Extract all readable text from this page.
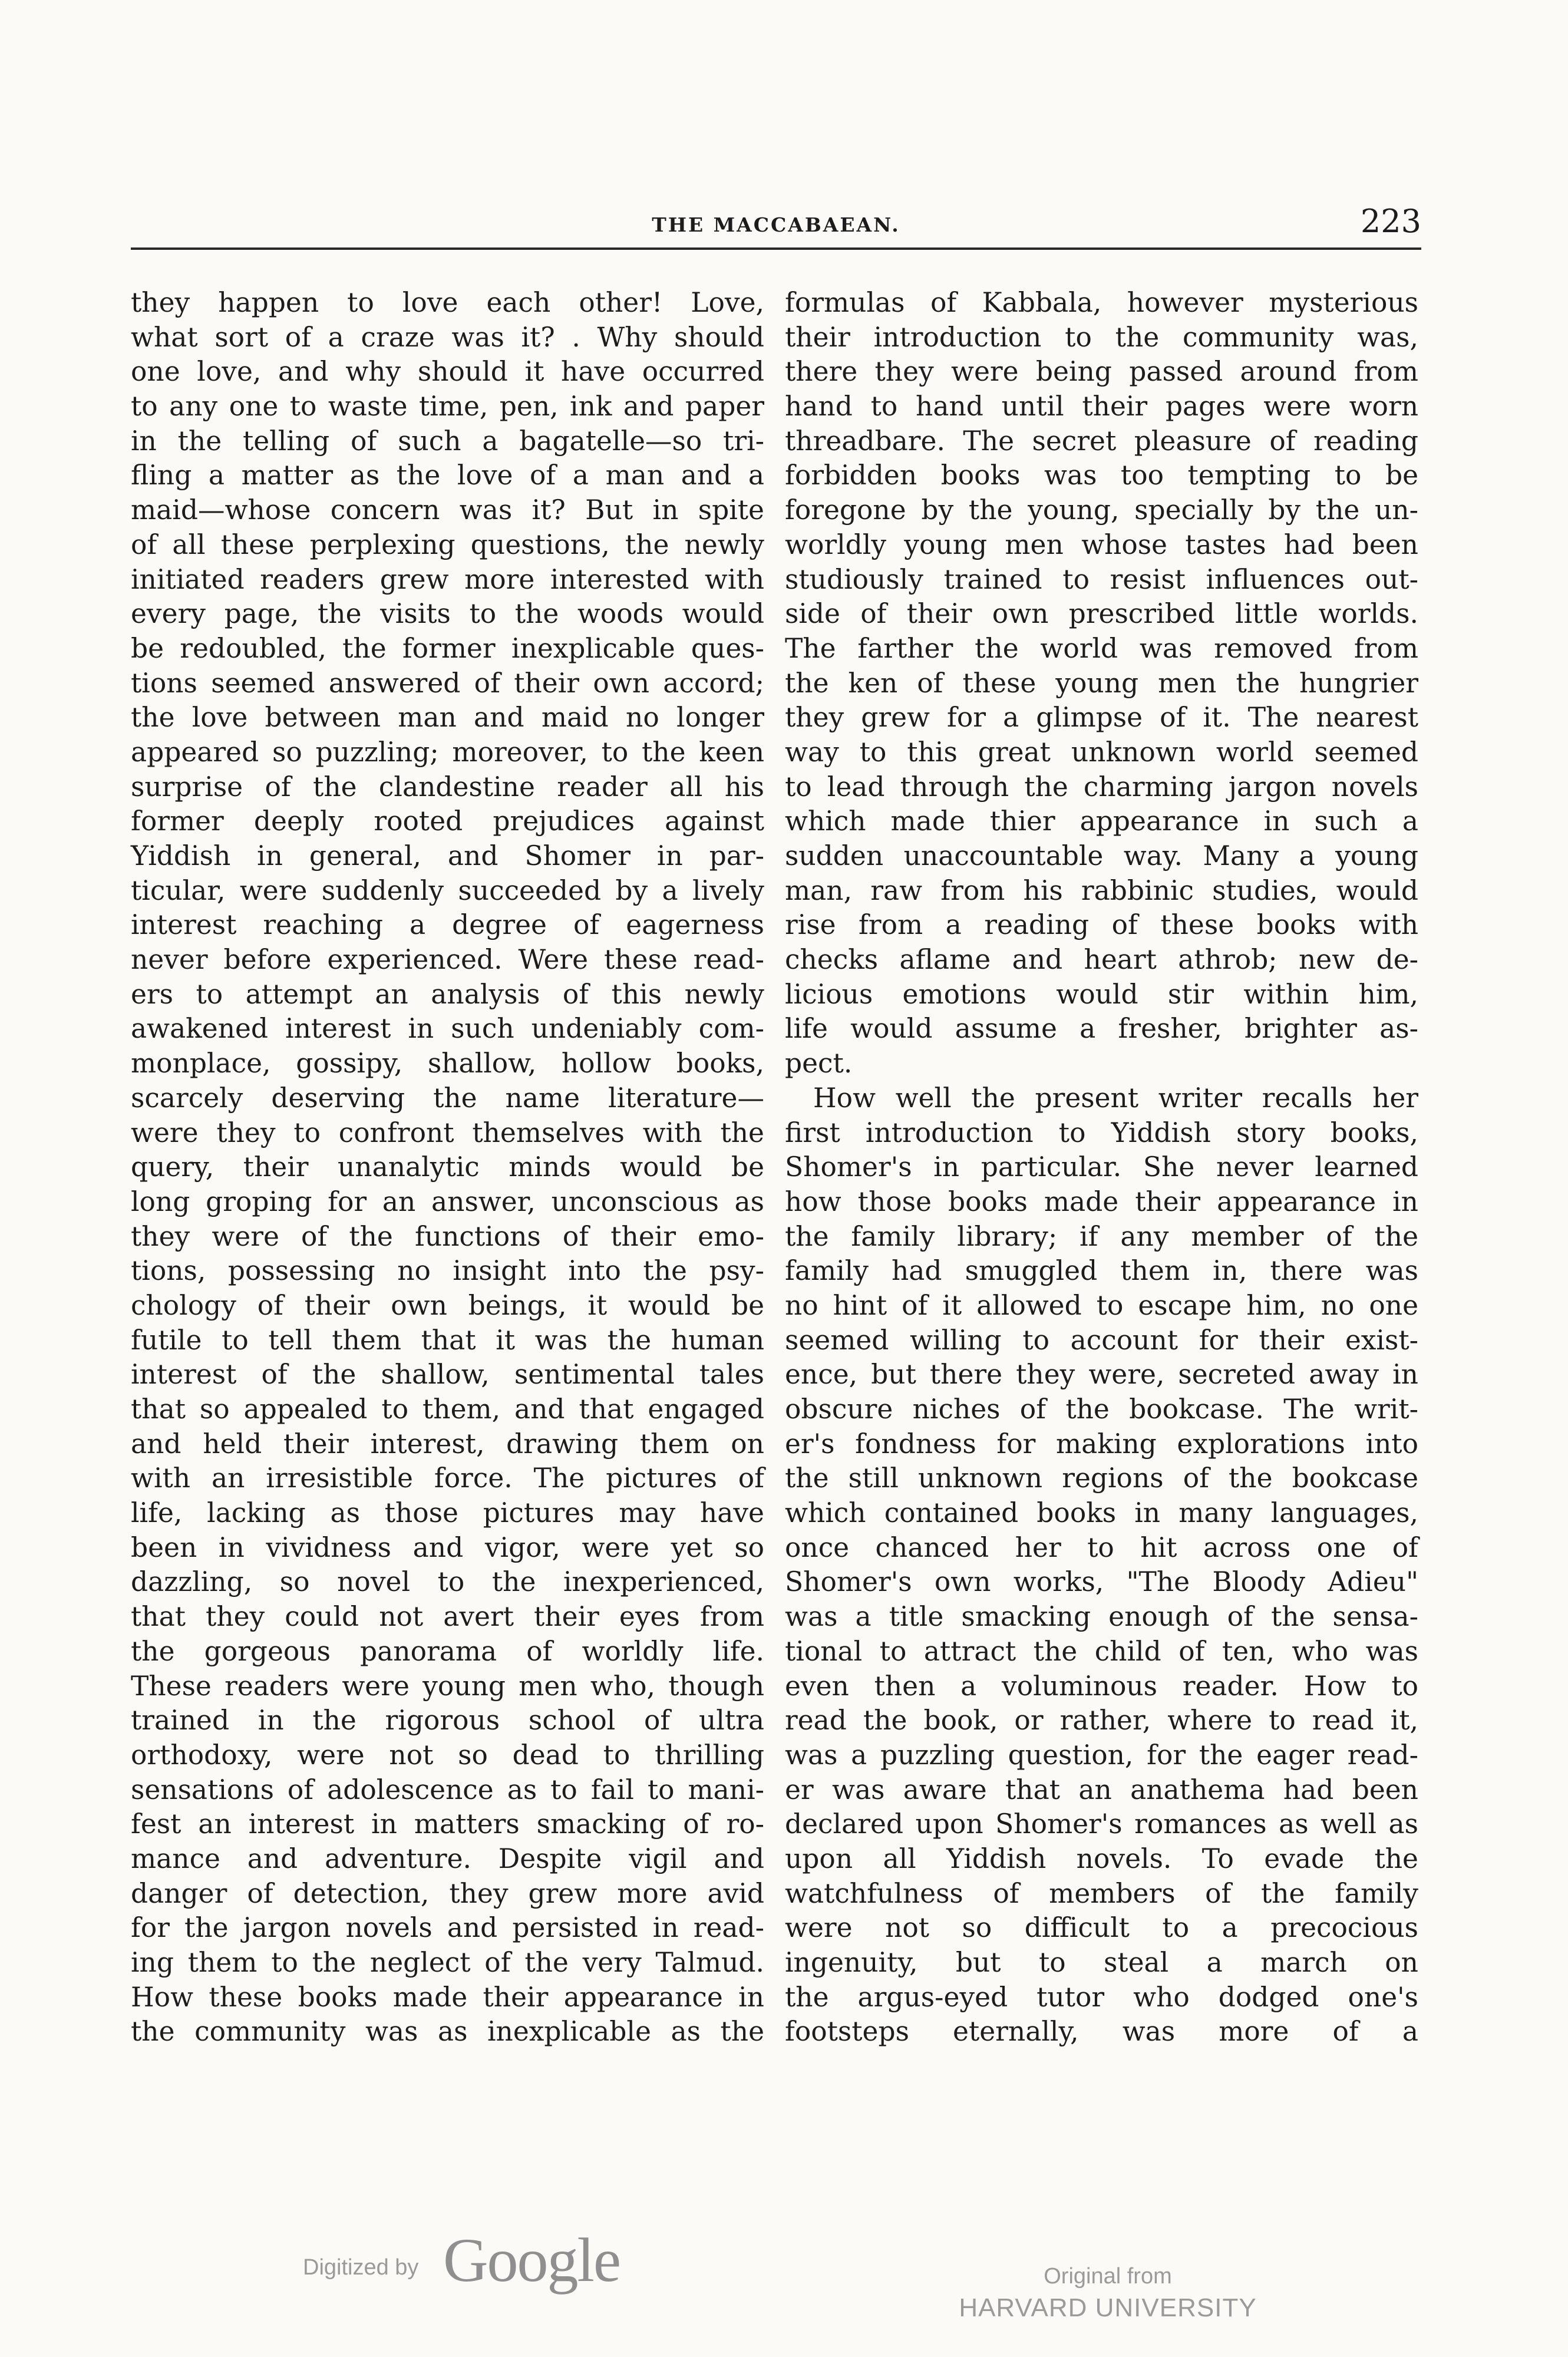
THE MACCABAEAN.	223
they happen to love each other! Love,
what sort of a craze was it? . Why should
one love, and why should it have occurred
to any one to waste time, pen, ink and paper
in the telling of such a bagatelle—so tri-
fling a matter as the love of a man and a
maid—whose concern was it? But in spite
of all these perplexing questions, the newly
initiated readers grew more interested with
every page, the visits to the woods would
be redoubled, the former inexplicable ques-
tions seemed answered of their own accord;
the love between man and maid no longer
appeared so puzzling; moreover, to the keen
surprise of the clandestine reader all his
former deeply rooted prejudices against
Yiddish in general, and Shomer in par-
ticular, were suddenly succeeded by a lively
interest reaching a degree of eagerness
never before experienced. Were these read-
ers to attempt an analysis of this newly
awakened interest in such undeniably com-
monplace, gossipy, shallow, hollow books,
scarcely deserving the name literature—
were they to confront themselves with the
query, their unanalytic minds would be
long groping for an answer, unconscious as
they were of the functions of their emo-
tions, possessing no insight into the psy-
chology of their own beings, it would be
futile to tell them that it was the human
interest of the shallow, sentimental tales
that so appealed to them, and that engaged
and held their interest, drawing them on
with an irresistible force. The pictures of
life, lacking as those pictures may have
been in vividness and vigor, were yet so
dazzling, so novel to the inexperienced,
that they could not avert their eyes from
the gorgeous panorama of worldly life.
These readers were young men who, though
trained in the rigorous school of ultra
orthodoxy, were not so dead to thrilling
sensations of adolescence as to fail to mani-
fest an interest in matters smacking of ro-
mance and adventure. Despite vigil and
danger of detection, they grew more avid
for the jargon novels and persisted in read-
ing them to the neglect of the very Talmud.
How these books made their appearance in
the community was as inexplicable as the
formulas of Kabbala, however mysterious
their introduction to the community was,
there they were being passed around from
hand to hand until their pages were worn
threadbare. The secret pleasure of reading
forbidden books was too tempting to be
foregone by the young, specially by the un-
worldly young men whose tastes had been
studiously trained to resist influences out-
side of their own prescribed little worlds.
The farther the world was removed from
the ken of these young men the hungrier
they grew for a glimpse of it. The nearest
way to this great unknown world seemed
to lead through the charming jargon novels
which made thier appearance in such a
sudden unaccountable way. Many a young
man, raw from his rabbinic studies, would
rise from a reading of these books with
checks aflame and heart athrob; new de-
licious emotions would stir within him,
life would assume a fresher, brighter as-
pect.
How well the present writer recalls her
first introduction to Yiddish story books,
Shomer's in particular. She never learned
how those books made their appearance in
the family library; if any member of the
family had smuggled them in, there was
no hint of it allowed to escape him, no one
seemed willing to account for their exist-
ence, but there they were, secreted away in
obscure niches of the bookcase. The writ-
er's fondness for making explorations into
the still unknown regions of the bookcase
which contained books in many languages,
once chanced her to hit across one of
Shomer's own works, "The Bloody Adieu"
was a title smacking enough of the sensa-
tional to attract the child of ten, who was
even then a voluminous reader. How to
read the book, or rather, where to read it,
was a puzzling question, for the eager read-
er was aware that an anathema had been
declared upon Shomer's romances as well as
upon all Yiddish novels. To evade the
watchfulness of members of the family
were not so difficult to a precocious
ingenuity, but to steal a march on
the argus-eyed tutor who dodged one's
footsteps eternally, was more of a
Digitized by Google	Original from
HARVARD UNIVERSITY
